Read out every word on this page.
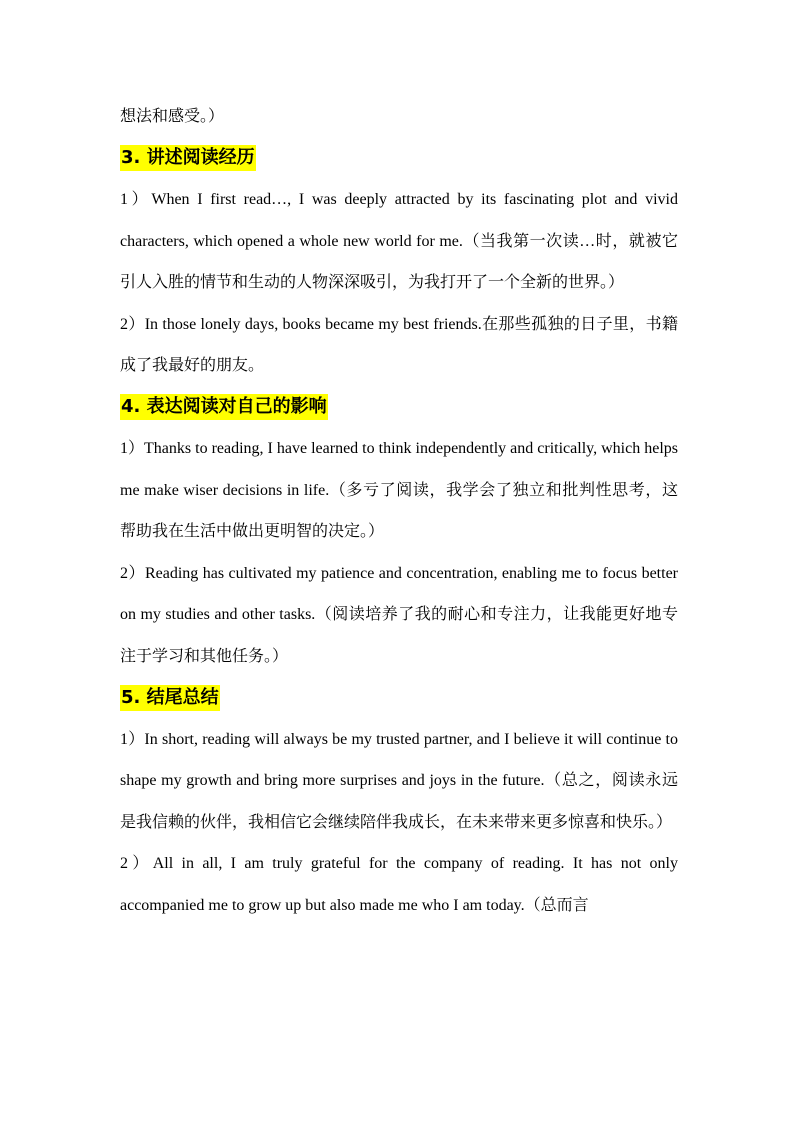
想法和感受。）

3. 讲述阅读经历

1）When I first read…, I was deeply attracted by its fascinating plot and vivid characters, which opened a whole new world for me.（当我第一次读…时，就被它引人入胜的情节和生动的人物深深吸引，为我打开了一个全新的世界。）

2）In those lonely days, books became my best friends.在那些孤独的日子里，书籍成了我最好的朋友。

4. 表达阅读对自己的影响

1）Thanks to reading, I have learned to think independently and critically, which helps me make wiser decisions in life.（多亏了阅读，我学会了独立和批判性思考，这帮助我在生活中做出更明智的决定。）

2）Reading has cultivated my patience and concentration, enabling me to focus better on my studies and other tasks.（阅读培养了我的耐心和专注力，让我能更好地专注于学习和其他任务。）

5. 结尾总结

1）In short, reading will always be my trusted partner, and I believe it will continue to shape my growth and bring more surprises and joys in the future.（总之，阅读永远是我信赖的伙伴，我相信它会继续陪伴我成长，在未来带来更多惊喜和快乐。）

2）All in all, I am truly grateful for the company of reading. It has not only accompanied me to grow up but also made me who I am today.（总而言
